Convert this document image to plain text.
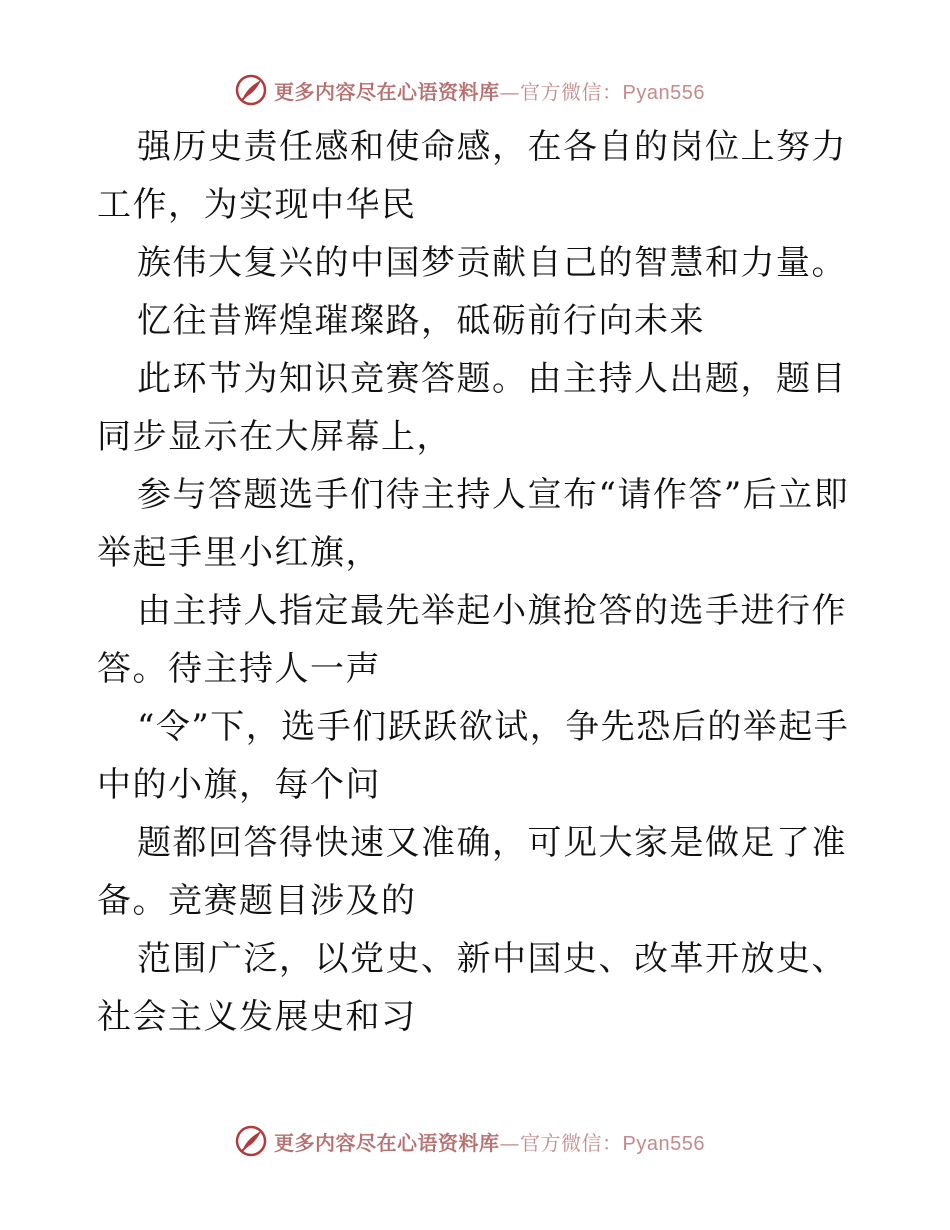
更多内容尽在心语资料库—官方微信：Pyan556

强历史责任感和使命感，在各自的岗位上努力工作，为实现中华民

族伟大复兴的中国梦贡献自己的智慧和力量。

忆往昔辉煌璀璨路，砥砺前行向未来

此环节为知识竞赛答题。由主持人出题，题目同步显示在大屏幕上，

参与答题选手们待主持人宣布“请作答”后立即举起手里小红旗，

由主持人指定最先举起小旗抢答的选手进行作答。待主持人一声

“令”下，选手们跃跃欲试，争先恐后的举起手中的小旗，每个问

题都回答得快速又准确，可见大家是做足了准备。竞赛题目涉及的

范围广泛，以党史、新中国史、改革开放史、社会主义发展史和习

更多内容尽在心语资料库—官方微信：Pyan556
